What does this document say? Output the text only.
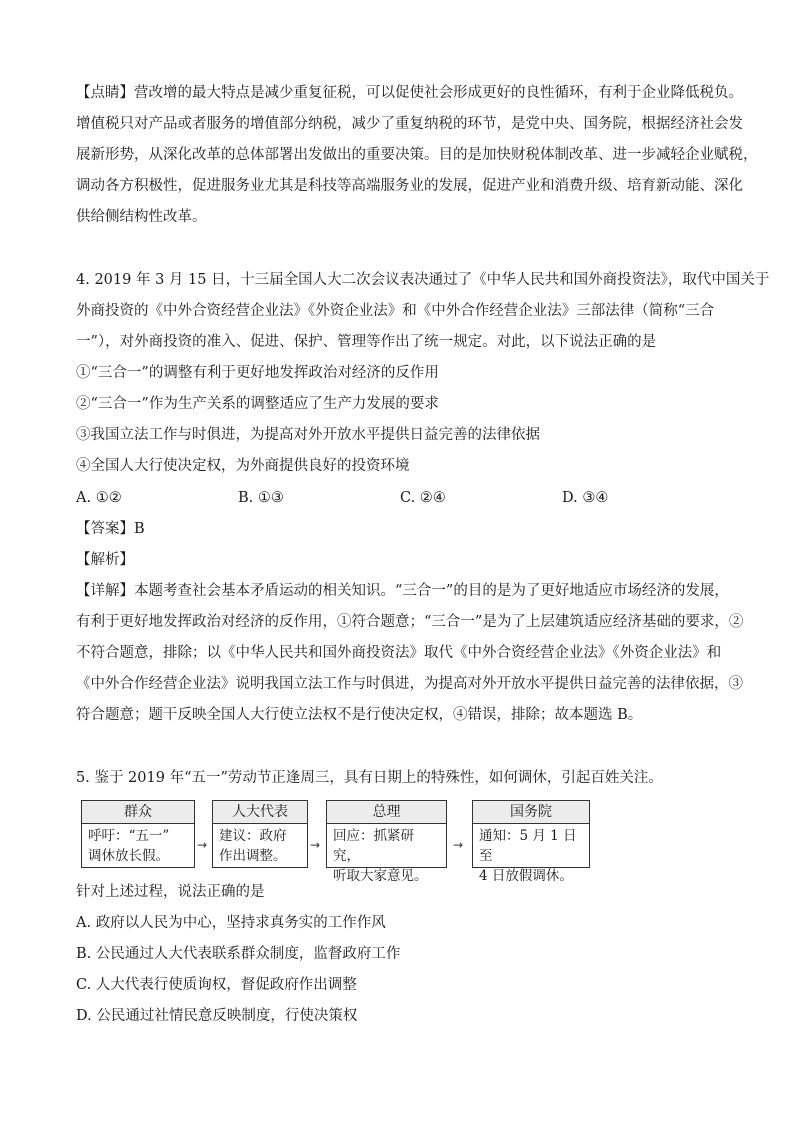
【点睛】营改增的最大特点是减少重复征税，可以促使社会形成更好的良性循环，有利于企业降低税负。
增值税只对产品或者服务的增值部分纳税，减少了重复纳税的环节，是党中央、国务院，根据经济社会发
展新形势，从深化改革的总体部署出发做出的重要决策。目的是加快财税体制改革、进一步减轻企业赋税，
调动各方积极性，促进服务业尤其是科技等高端服务业的发展，促进产业和消费升级、培育新动能、深化
供给侧结构性改革。
4. 2019 年 3 月 15 日，十三届全国人大二次会议表决通过了《中华人民共和国外商投资法》，取代中国关于
外商投资的《中外合资经营企业法》《外资企业法》和《中外合作经营企业法》三部法律（简称“三合
一”），对外商投资的准入、促进、保护、管理等作出了统一规定。对此，以下说法正确的是
①“三合一”的调整有利于更好地发挥政治对经济的反作用
②“三合一”作为生产关系的调整适应了生产力发展的要求
③我国立法工作与时俱进，为提高对外开放水平提供日益完善的法律依据
④全国人大行使决定权，为外商提供良好的投资环境
A. ①②	B. ①③	C. ②④	D. ③④
【答案】B
【解析】
【详解】本题考查社会基本矛盾运动的相关知识。“三合一”的目的是为了更好地适应市场经济的发展，
有利于更好地发挥政治对经济的反作用，①符合题意；“三合一”是为了上层建筑适应经济基础的要求，②
不符合题意，排除；以《中华人民共和国外商投资法》取代《中外合资经营企业法》《外资企业法》和
《中外合作经营企业法》说明我国立法工作与时俱进，为提高对外开放水平提供日益完善的法律依据，③
符合题意；题干反映全国人大行使立法权不是行使决定权，④错误，排除；故本题选 B。
5. 鉴于 2019 年“五一”劳动节正逢周三，具有日期上的特殊性，如何调休，引起百姓关注。
群众
呼吁：“五一”
调休放长假。
→
人大代表
建议：政府
作出调整。
→
总理
回应：抓紧研究，
听取大家意见。
→
国务院
通知：5 月 1 日至
4 日放假调休。
针对上述过程，说法正确的是
A. 政府以人民为中心，坚持求真务实的工作作风
B. 公民通过人大代表联系群众制度，监督政府工作
C. 人大代表行使质询权，督促政府作出调整
D. 公民通过社情民意反映制度，行使决策权
